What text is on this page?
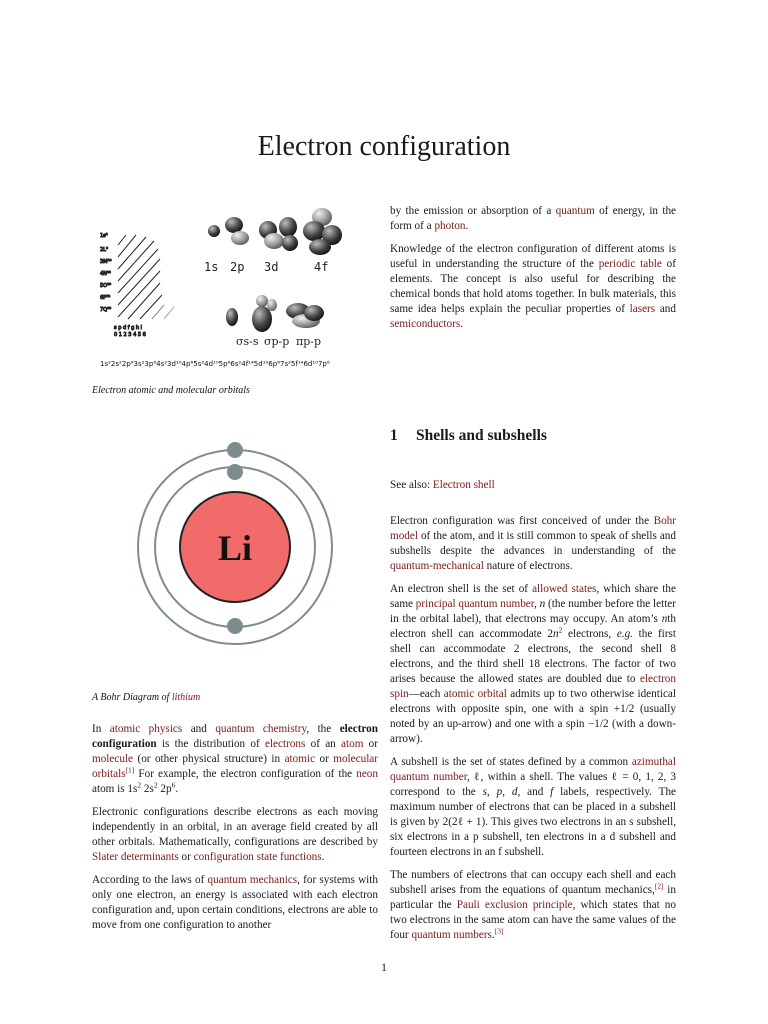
Electron configuration
1s²
2L⁸
3M¹⁸
4N³²
5O⁵⁰
6P⁷²
7Q⁹⁸
s p d f g h i
0 1 2 3 4 5 6
1s 2p 3d	4f
σs-s σp-p πp-p
1s²2s²2p⁶3s²3p⁶4s²3d¹⁰4p⁶5s²4d¹⁰5p⁶6s²4f¹⁴5d¹⁰6p⁶7s²5f¹⁴6d¹⁰7p⁶
Electron atomic and molecular orbitals
Li
A Bohr Diagram of lithium

In atomic physics and quantum chemistry, the electron configuration is the distribution of electrons of an atom or molecule (or other physical structure) in atomic or molecular orbitals[1] For example, the electron configuration of the neon atom is $1s^2$ $2s^2$ $2p^6$.

Electronic configurations describe electrons as each moving independently in an orbital, in an average field created by all other orbitals. Mathematically, configurations are described by Slater determinants or configuration state functions.

According to the laws of quantum mechanics, for systems with only one electron, an energy is associated with each electron configuration and, upon certain conditions, electrons are able to move from one configuration to another

by the emission or absorption of a quantum of energy, in the form of a photon.

Knowledge of the electron configuration of different atoms is useful in understanding the structure of the periodic table of elements. The concept is also useful for describing the chemical bonds that hold atoms together. In bulk materials, this same idea helps explain the peculiar properties of lasers and semiconductors.

1 Shells and subshells
See also: Electron shell

Electron configuration was first conceived of under the Bohr model of the atom, and it is still common to speak of shells and subshells despite the advances in understanding of the quantum-mechanical nature of electrons.

An electron shell is the set of allowed states, which share the same principal quantum number, n (the number before the letter in the orbital label), that electrons may occupy. An atom’s nth electron shell can accommodate $2n^2$ electrons, e.g. the first shell can accommodate 2 electrons, the second shell 8 electrons, and the third shell 18 electrons. The factor of two arises because the allowed states are doubled due to electron spin—each atomic orbital admits up to two otherwise identical electrons with opposite spin, one with a spin +1/2 (usually noted by an up-arrow) and one with a spin −1/2 (with a down-arrow).

A subshell is the set of states defined by a common azimuthal quantum number, ℓ, within a shell. The values ℓ = 0, 1, 2, 3 correspond to the s, p, d, and f labels, respectively. The maximum number of electrons that can be placed in a subshell is given by 2(2ℓ + 1). This gives two electrons in an s subshell, six electrons in a p subshell, ten electrons in a d subshell and fourteen electrons in an f subshell.

The numbers of electrons that can occupy each shell and each subshell arises from the equations of quantum mechanics,[2] in particular the Pauli exclusion principle, which states that no two electrons in the same atom can have the same values of the four quantum numbers.[3]

1
